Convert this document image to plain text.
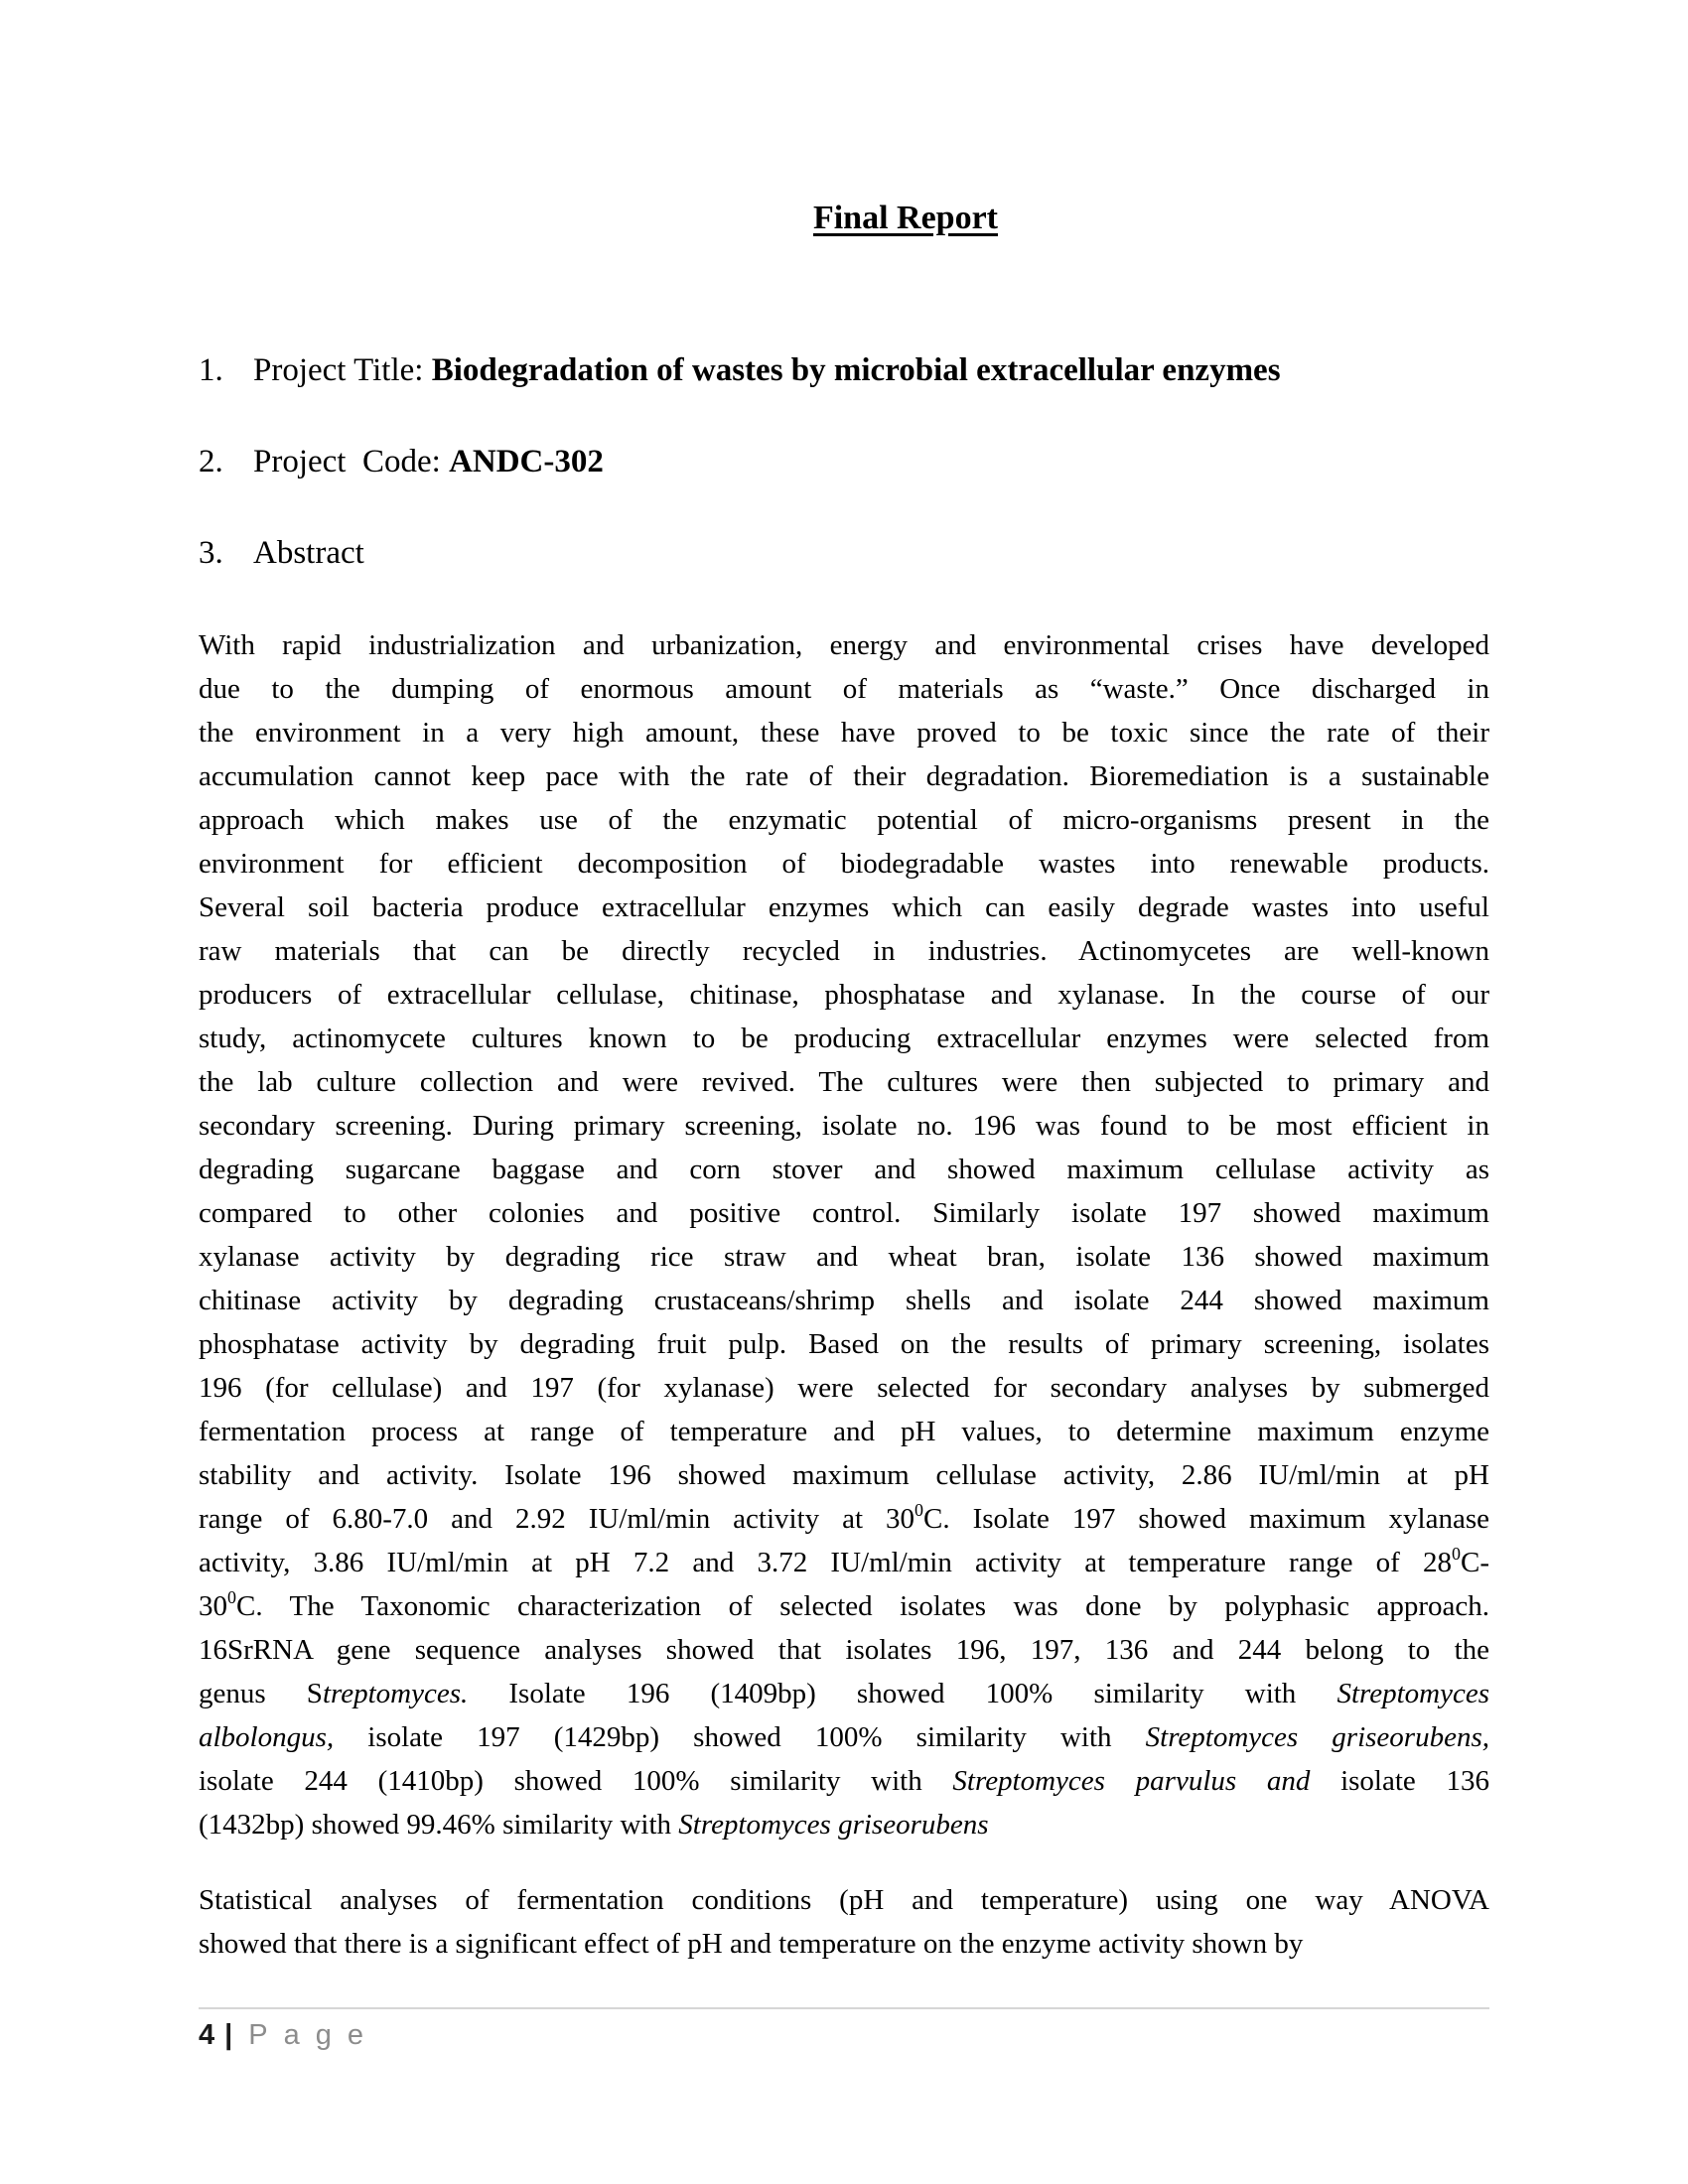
Final Report
1. Project Title: Biodegradation of wastes by microbial extracellular enzymes
2. Project  Code: ANDC-302
3. Abstract
With rapid industrialization and urbanization, energy and environmental crises have developed
due to the dumping of enormous amount of materials as “waste.” Once discharged in
the environment in a very high amount, these have proved to be toxic since the rate of their
accumulation cannot keep pace with the rate of their degradation. Bioremediation is a sustainable
approach which makes use of the enzymatic potential of micro-organisms present in the
environment for efficient decomposition of biodegradable wastes into renewable products.
Several soil bacteria produce extracellular enzymes which can easily degrade wastes into useful
raw materials that can be directly recycled in industries. Actinomycetes are well-known
producers of extracellular cellulase, chitinase, phosphatase and xylanase. In the course of our
study, actinomycete cultures known to be producing extracellular enzymes were selected from
the lab culture collection and were revived. The cultures were then subjected to primary and
secondary screening. During primary screening, isolate no. 196 was found to be most efficient in
degrading sugarcane baggase and corn stover and showed maximum cellulase activity as
compared to other colonies and positive control. Similarly isolate 197 showed maximum
xylanase activity by degrading rice straw and wheat bran, isolate 136 showed maximum
chitinase activity by degrading crustaceans/shrimp shells and isolate 244 showed maximum
phosphatase activity by degrading fruit pulp. Based on the results of primary screening, isolates
196 (for cellulase) and 197 (for xylanase) were selected for secondary analyses by submerged
fermentation process at range of temperature and pH values, to determine maximum enzyme
stability and activity. Isolate 196 showed maximum cellulase activity, 2.86 IU/ml/min at pH
range of 6.80-7.0 and 2.92 IU/ml/min activity at $30^0C$. Isolate 197 showed maximum xylanase
activity, 3.86 IU/ml/min at pH 7.2 and 3.72 IU/ml/min activity at temperature range of $28^0C-$
$30^0C$. The Taxonomic characterization of selected isolates was done by polyphasic approach.
16SrRNA gene sequence analyses showed that isolates 196, 197, 136 and 244 belong to the
genus Streptomyces. Isolate 196 (1409bp) showed 100% similarity with Streptomyces
albolongus, isolate 197 (1429bp) showed 100% similarity with Streptomyces griseorubens,
isolate 244 (1410bp) showed 100% similarity with Streptomyces parvulus and isolate 136
(1432bp) showed 99.46% similarity with Streptomyces griseorubens
Statistical analyses of fermentation conditions (pH and temperature) using one way ANOVA
showed that there is a significant effect of pH and temperature on the enzyme activity shown by
4 | Page
